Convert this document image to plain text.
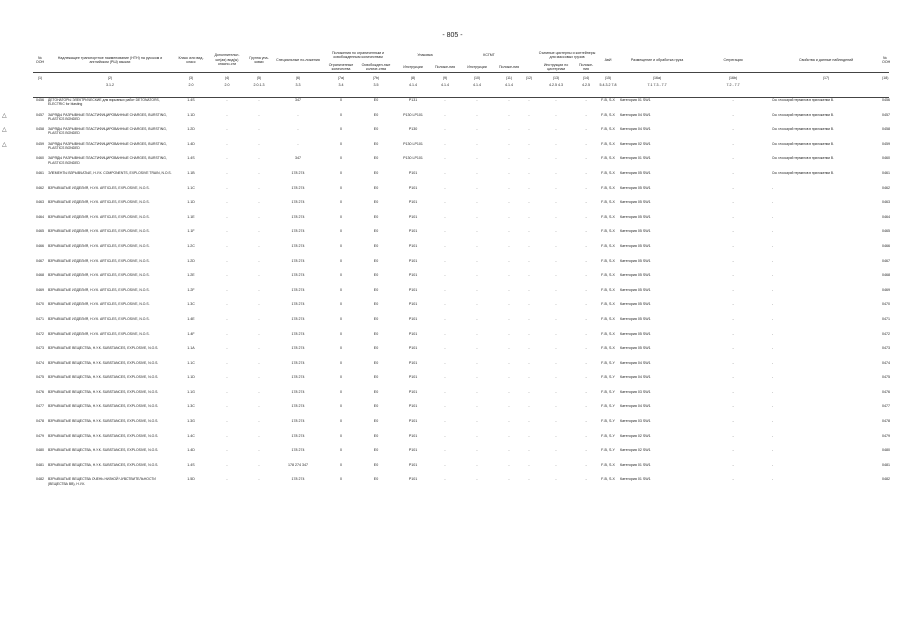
- 805 -
№ ООН	Надлежащее транспортное наименование (НТН) на русском и английском (РШ) языках	Класс или вид-класс	Дополнительн-ые(ая) вид(ы) опасно-сти	Группа упа-ковки	Специальные по-ложения	Положения по ограниченным и освобожденным количествам		Упаковка		КСГМГ			Съемные цистерны и контейнеры для массовых грузов		АвИ	Размещение и обработка груза	Сегрегация	Свойства и данные наблюдений	№ ООН
						Ограниченные количества	Освобожден-ные количе-ства	Инструкции	Положе-ния	Инструкции	Положе-ния		Инструкции по цистернам	Положе-ния					
(1)	(2)	(3)	(4)	(5)	(6)	(7a)	(7b)	(8)	(9)	(10)	(11)	(12)	(13)	(14)	(15)	(16a)	(16b)	(17)	(18)
	3.1.2	2.0	2.0	2.0.1.3	3.3	3.4	3.5	4.1.4	4.1.4	4.1.4	4.1.4		4.2.5 4.3	4.2.5	5.4.3.2 7.8	7.1 7.3 - 7.7	7.2 - 7.7		
0456	ДЕТОНАТОРЫ ЭЛЕКТРИЧЕСКИЕ для взрывных работ DETONATORS, ELECTRIC for blasting	1.4S	-	-	347	0	E0	P131	-	-	-	-	-	-	F-B, S-X	Категория 01 SW1	-	См. глоссарий терминов в приложении В.	0456

△ 0457	ЗАРЯДЫ РАЗРЫВНЫЕ ПЛАСТИФИЦИРОВАННЫЕ CHARGES, BURSTING, PLASTICS BONDED	1.1D	-	-	-	0	E0	P130 LP101	-	-	-	-	-	-	F-B, S-X	Категория 04 SW1	-	См. глоссарий терминов в приложении В.	0457

△ 0458	ЗАРЯДЫ РАЗРЫВНЫЕ ПЛАСТИФИЦИРОВАННЫЕ CHARGES, BURSTING, PLASTICS BONDED	1.2D	-	-	-	0	E0	P130	-	-	-	-	-	-	F-B, S-X	Категория 04 SW1	-	См. глоссарий терминов в приложении В.	0458

△ 0459	ЗАРЯДЫ РАЗРЫВНЫЕ ПЛАСТИФИЦИРОВАННЫЕ CHARGES, BURSTING, PLASTICS BONDED	1.4D	-	-	-	0	E0	P130 LP101	-	-	-	-	-	-	F-B, S-X	Категория 02 SW1	-	См. глоссарий терминов в приложении В.	0459
0460	ЗАРЯДЫ РАЗРЫВНЫЕ ПЛАСТИФИЦИРОВАННЫЕ CHARGES, BURSTING, PLASTICS BONDED	1.4S	-	-	347	0	E0	P130 LP101	-	-	-	-	-	-	F-B, S-X	Категория 01 SW1	-	См. глоссарий терминов в приложении В.	0460
0461	ЭЛЕМЕНТЫ ВЗРЫВЧАТЫЕ, Н.У.К. COMPONENTS, EXPLOSIVE TRAIN, N.O.S.	1.1B	-	-	178 274	0	E0	P101	-	-	-	-	-	-	F-B, S-X	Категория 05 SW1	-	См. глоссарий терминов в приложении В.	0461
0462	ВЗРЫВЧАТЫЕ ИЗДЕЛИЯ, Н.У.К. ARTICLES, EXPLOSIVE, N.O.S.	1.1C	-	-	178 274	0	E0	P101	-	-	-	-	-	-	F-B, S-X	Категория 05 SW1	-	-	0462
0463	ВЗРЫВЧАТЫЕ ИЗДЕЛИЯ, Н.У.К. ARTICLES, EXPLOSIVE, N.O.S.	1.1D	-	-	178 274	0	E0	P101	-	-	-	-	-	-	F-B, S-X	Категория 05 SW1	-	-	0463
0464	ВЗРЫВЧАТЫЕ ИЗДЕЛИЯ, Н.У.К. ARTICLES, EXPLOSIVE, N.O.S.	1.1E	-	-	178 274	0	E0	P101	-	-	-	-	-	-	F-B, S-X	Категория 05 SW1	-	-	0464
0465	ВЗРЫВЧАТЫЕ ИЗДЕЛИЯ, Н.У.К. ARTICLES, EXPLOSIVE, N.O.S.	1.1F	-	-	178 274	0	E0	P101	-	-	-	-	-	-	F-B, S-X	Категория 05 SW1	-	-	0465
0466	ВЗРЫВЧАТЫЕ ИЗДЕЛИЯ, Н.У.К. ARTICLES, EXPLOSIVE, N.O.S.	1.2C	-	-	178 274	0	E0	P101	-	-	-	-	-	-	F-B, S-X	Категория 05 SW1	-	-	0466
0467	ВЗРЫВЧАТЫЕ ИЗДЕЛИЯ, Н.У.К. ARTICLES, EXPLOSIVE, N.O.S.	1.2D	-	-	178 274	0	E0	P101	-	-	-	-	-	-	F-B, S-X	Категория 05 SW1	-	-	0467
0468	ВЗРЫВЧАТЫЕ ИЗДЕЛИЯ, Н.У.К. ARTICLES, EXPLOSIVE, N.O.S.	1.2E	-	-	178 274	0	E0	P101	-	-	-	-	-	-	F-B, S-X	Категория 05 SW1	-	-	0468
0469	ВЗРЫВЧАТЫЕ ИЗДЕЛИЯ, Н.У.К. ARTICLES, EXPLOSIVE, N.O.S.	1.2F	-	-	178 274	0	E0	P101	-	-	-	-	-	-	F-B, S-X	Категория 05 SW1	-	-	0469
0470	ВЗРЫВЧАТЫЕ ИЗДЕЛИЯ, Н.У.К. ARTICLES, EXPLOSIVE, N.O.S.	1.3C	-	-	178 274	0	E0	P101	-	-	-	-	-	-	F-B, S-X	Категория 05 SW1	-	-	0470
0471	ВЗРЫВЧАТЫЕ ИЗДЕЛИЯ, Н.У.К. ARTICLES, EXPLOSIVE, N.O.S.	1.4E	-	-	178 274	0	E0	P101	-	-	-	-	-	-	F-B, S-X	Категория 05 SW1	-	-	0471
0472	ВЗРЫВЧАТЫЕ ИЗДЕЛИЯ, Н.У.К. ARTICLES, EXPLOSIVE, N.O.S.	1.4F	-	-	178 274	0	E0	P101	-	-	-	-	-	-	F-B, S-X	Категория 05 SW1	-	-	0472
0473	ВЗРЫВЧАТЫЕ ВЕЩЕСТВА, Н.У.К. SUBSTANCES, EXPLOSIVE, N.O.S.	1.1A	-	-	178 274	0	E0	P101	-	-	-	-	-	-	F-B, S-X	Категория 05 SW1	-	-	0473
0474	ВЗРЫВЧАТЫЕ ВЕЩЕСТВА, Н.У.К. SUBSTANCES, EXPLOSIVE, N.O.S.	1.1C	-	-	178 274	0	E0	P101	-	-	-	-	-	-	F-B, S-Y	Категория 04 SW1	-	-	0474
0475	ВЗРЫВЧАТЫЕ ВЕЩЕСТВА, Н.У.К. SUBSTANCES, EXPLOSIVE, N.O.S.	1.1D	-	-	178 274	0	E0	P101	-	-	-	-	-	-	F-B, S-Y	Категория 04 SW1	-	-	0475
0476	ВЗРЫВЧАТЫЕ ВЕЩЕСТВА, Н.У.К. SUBSTANCES, EXPLOSIVE, N.O.S.	1.1G	-	-	178 274	0	E0	P101	-	-	-	-	-	-	F-B, S-Y	Категория 03 SW1	-	-	0476
0477	ВЗРЫВЧАТЫЕ ВЕЩЕСТВА, Н.У.К. SUBSTANCES, EXPLOSIVE, N.O.S.	1.3C	-	-	178 274	0	E0	P101	-	-	-	-	-	-	F-B, S-Y	Категория 04 SW1	-	-	0477
0478	ВЗРЫВЧАТЫЕ ВЕЩЕСТВА, Н.У.К. SUBSTANCES, EXPLOSIVE, N.O.S.	1.3G	-	-	178 274	0	E0	P101	-	-	-	-	-	-	F-B, S-Y	Категория 03 SW1	-	-	0478
0479	ВЗРЫВЧАТЫЕ ВЕЩЕСТВА, Н.У.К. SUBSTANCES, EXPLOSIVE, N.O.S.	1.4C	-	-	178 274	0	E0	P101	-	-	-	-	-	-	F-B, S-Y	Категория 02 SW1	-	-	0479
0480	ВЗРЫВЧАТЫЕ ВЕЩЕСТВА, Н.У.К. SUBSTANCES, EXPLOSIVE, N.O.S.	1.4D	-	-	178 274	0	E0	P101	-	-	-	-	-	-	F-B, S-Y	Категория 02 SW1	-	-	0480
0481	ВЗРЫВЧАТЫЕ ВЕЩЕСТВА, Н.У.К. SUBSTANCES, EXPLOSIVE, N.O.S.	1.4S	-	-	178 274 347	0	E0	P101	-	-	-	-	-	-	F-B, S-X	Категория 01 SW1	-	-	0481
0482	ВЗРЫВЧАТЫЕ ВЕЩЕСТВА ОЧЕНЬ НИЗКОЙ ЧУВСТВИТЕЛЬНОСТИ (ВЕЩЕСТВА ВВ), Н.У.К.	1.5D	-	-	178 274	0	E0	P101	-	-	-	-	-	-	F-B, S-X	Категория 01 SW1	-	-	0482
